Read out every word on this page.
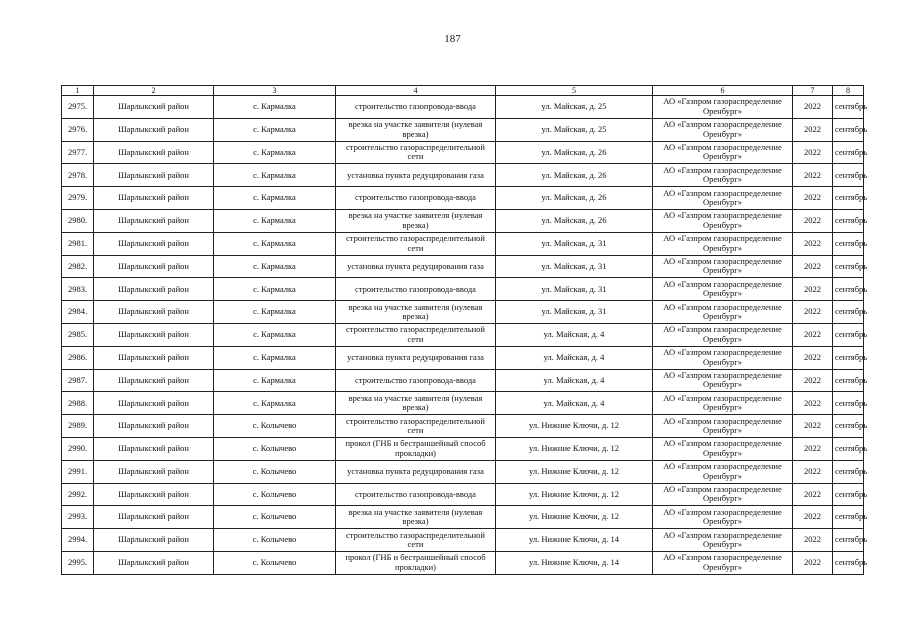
187
1	2	3	4	5	6	7	8
2975.	Шарлыкский район	с. Кармалка	строительство газопровода-ввода	ул. Майская, д. 25	АО «Газпром газораспределение Оренбург»	2022	сентябрь
2976.	Шарлыкский район	с. Кармалка	врезка на участке заявителя (нулевая врезка)	ул. Майская, д. 25	АО «Газпром газораспределение Оренбург»	2022	сентябрь
2977.	Шарлыкский район	с. Кармалка	строительство газораспределительной сети	ул. Майская, д. 26	АО «Газпром газораспределение Оренбург»	2022	сентябрь
2978.	Шарлыкский район	с. Кармалка	установка пункта редуцирования газа	ул. Майская, д. 26	АО «Газпром газораспределение Оренбург»	2022	сентябрь
2979.	Шарлыкский район	с. Кармалка	строительство газопровода-ввода	ул. Майская, д. 26	АО «Газпром газораспределение Оренбург»	2022	сентябрь
2980.	Шарлыкский район	с. Кармалка	врезка на участке заявителя (нулевая врезка)	ул. Майская, д. 26	АО «Газпром газораспределение Оренбург»	2022	сентябрь
2981.	Шарлыкский район	с. Кармалка	строительство газораспределительной сети	ул. Майская, д. 31	АО «Газпром газораспределение Оренбург»	2022	сентябрь
2982.	Шарлыкский район	с. Кармалка	установка пункта редуцирования газа	ул. Майская, д. 31	АО «Газпром газораспределение Оренбург»	2022	сентябрь
2983.	Шарлыкский район	с. Кармалка	строительство газопровода-ввода	ул. Майская, д. 31	АО «Газпром газораспределение Оренбург»	2022	сентябрь
2984.	Шарлыкский район	с. Кармалка	врезка на участке заявителя (нулевая врезка)	ул. Майская, д. 31	АО «Газпром газораспределение Оренбург»	2022	сентябрь
2985.	Шарлыкский район	с. Кармалка	строительство газораспределительной сети	ул. Майская, д. 4	АО «Газпром газораспределение Оренбург»	2022	сентябрь
2986.	Шарлыкский район	с. Кармалка	установка пункта редуцирования газа	ул. Майская, д. 4	АО «Газпром газораспределение Оренбург»	2022	сентябрь
2987.	Шарлыкский район	с. Кармалка	строительство газопровода-ввода	ул. Майская, д. 4	АО «Газпром газораспределение Оренбург»	2022	сентябрь
2988.	Шарлыкский район	с. Кармалка	врезка на участке заявителя (нулевая врезка)	ул. Майская, д. 4	АО «Газпром газораспределение Оренбург»	2022	сентябрь
2989.	Шарлыкский район	с. Колычево	строительство газораспределительной сети	ул. Нижние Ключи, д. 12	АО «Газпром газораспределение Оренбург»	2022	сентябрь
2990.	Шарлыкский район	с. Колычево	прокол (ГНБ и бестраншейный способ прокладки)	ул. Нижние Ключи, д. 12	АО «Газпром газораспределение Оренбург»	2022	сентябрь
2991.	Шарлыкский район	с. Колычево	установка пункта редуцирования газа	ул. Нижние Ключи, д. 12	АО «Газпром газораспределение Оренбург»	2022	сентябрь
2992.	Шарлыкский район	с. Колычево	строительство газопровода-ввода	ул. Нижние Ключи, д. 12	АО «Газпром газораспределение Оренбург»	2022	сентябрь
2993.	Шарлыкский район	с. Колычево	врезка на участке заявителя (нулевая врезка)	ул. Нижние Ключи, д. 12	АО «Газпром газораспределение Оренбург»	2022	сентябрь
2994.	Шарлыкский район	с. Колычево	строительство газораспределительной сети	ул. Нижние Ключи, д. 14	АО «Газпром газораспределение Оренбург»	2022	сентябрь
2995.	Шарлыкский район	с. Колычево	прокол (ГНБ и бестраншейный способ прокладки)	ул. Нижние Ключи, д. 14	АО «Газпром газораспределение Оренбург»	2022	сентябрь
